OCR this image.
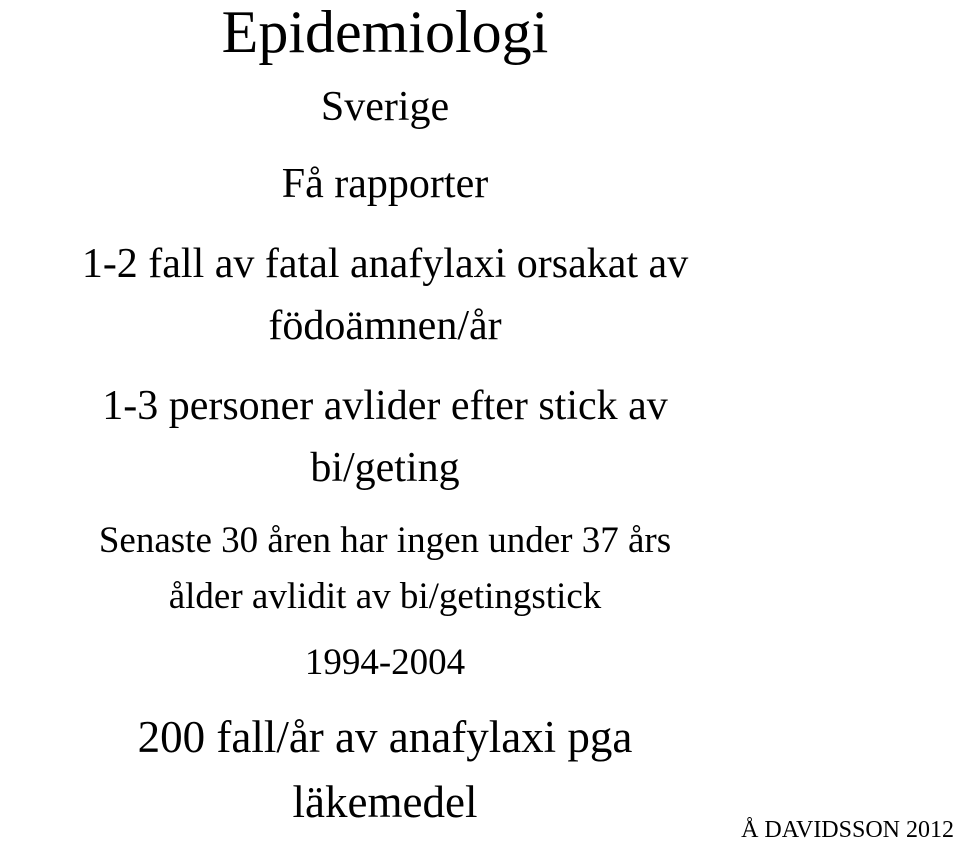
Epidemiologi
Sverige
Få rapporter
1-2 fall av fatal anafylaxi orsakat av
födoämnen/år
1-3 personer avlider efter stick av
bi/geting
Senaste 30 åren har ingen under 37 års
ålder avlidit av bi/getingstick
1994-2004
200 fall/år av anafylaxi pga
läkemedel
Å DAVIDSSON 2012
